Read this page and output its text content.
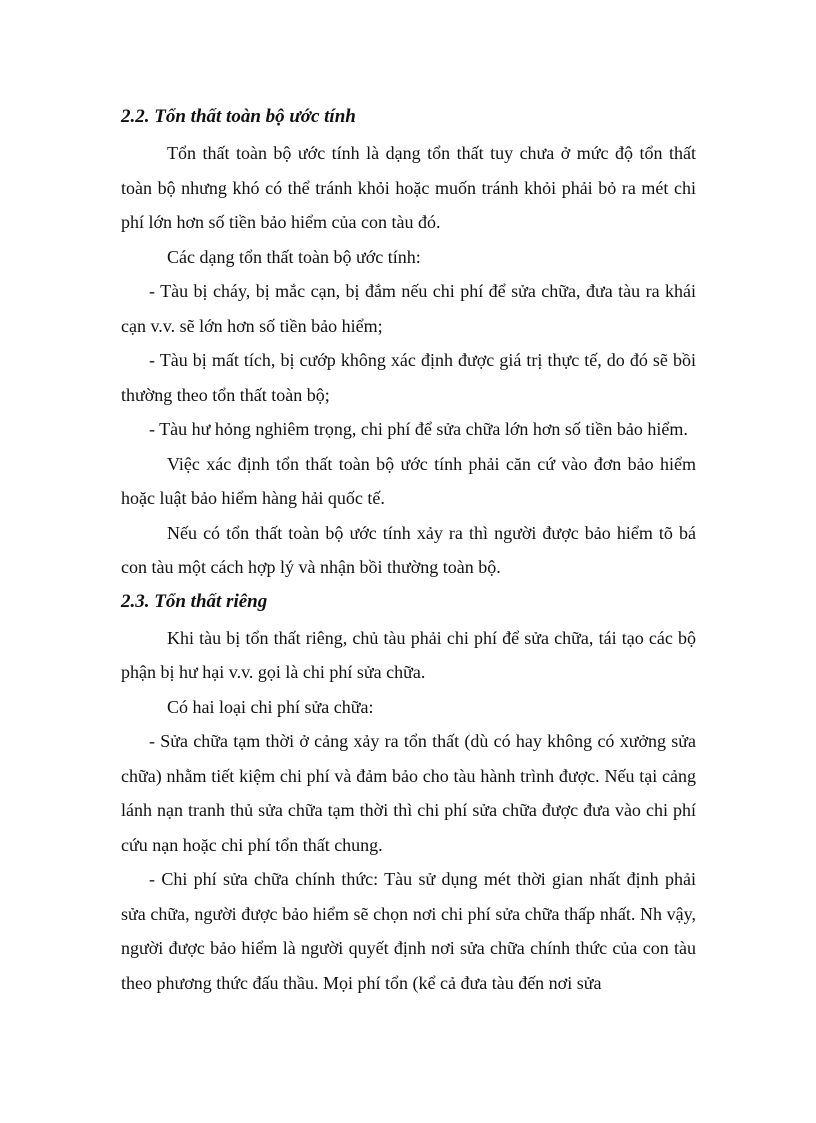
2.2. Tổn thất toàn bộ ước tính

Tổn thất toàn bộ ước tính là dạng tổn thất tuy chưa ở mức độ tổn thất toàn bộ nhưng khó có thể tránh khỏi hoặc muốn tránh khỏi phải bỏ ra mét chi phí lớn hơn số tiền bảo hiểm của con tàu đó.

Các dạng tổn thất toàn bộ ước tính:

- Tàu bị cháy, bị mắc cạn, bị đắm nếu chi phí để sửa chữa, đưa tàu ra khái cạn v.v. sẽ lớn hơn số tiền bảo hiểm;

- Tàu bị mất tích, bị cướp không xác định được giá trị thực tế, do đó sẽ bồi thường theo tổn thất toàn bộ;

- Tàu hư hỏng nghiêm trọng, chi phí để sửa chữa lớn hơn số tiền bảo hiểm.

Việc xác định tổn thất toàn bộ ước tính phải căn cứ vào đơn bảo hiểm hoặc luật bảo hiểm hàng hải quốc tế.

Nếu có tổn thất toàn bộ ước tính xảy ra thì người được bảo hiểm tõ bá con tàu một cách hợp lý và nhận bồi thường toàn bộ.

2.3. Tổn thất riêng

Khi tàu bị tổn thất riêng, chủ tàu phải chi phí để sửa chữa, tái tạo các bộ phận bị hư hại v.v. gọi là chi phí sửa chữa.

Có hai loại chi phí sửa chữa:

- Sửa chữa tạm thời ở cảng xảy ra tổn thất (dù có hay không có xưởng sửa chữa) nhằm tiết kiệm chi phí và đảm bảo cho tàu hành trình được. Nếu tại cảng lánh nạn tranh thủ sửa chữa tạm thời thì chi phí sửa chữa được đưa vào chi phí cứu nạn hoặc chi phí tổn thất chung.

- Chi phí sửa chữa chính thức: Tàu sử dụng mét thời gian nhất định phải sửa chữa, người được bảo hiểm sẽ chọn nơi chi phí sửa chữa thấp nhất. Nh vậy, người được bảo hiểm là người quyết định nơi sửa chữa chính thức của con tàu theo phương thức đấu thầu. Mọi phí tổn (kể cả đưa tàu đến nơi sửa
